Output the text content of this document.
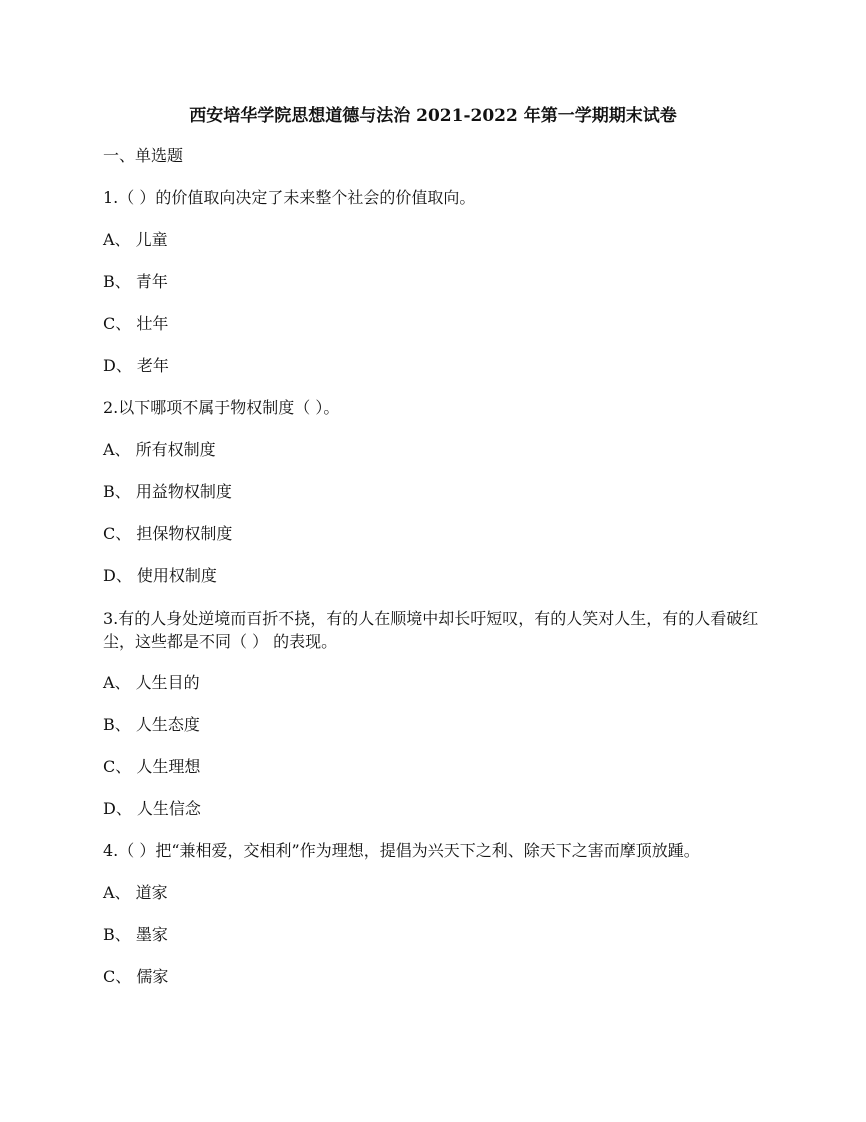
西安培华学院思想道德与法治 2021-2022 年第一学期期末试卷
一、单选题
1.（ ）的价值取向决定了未来整个社会的价值取向。
A、 儿童
B、 青年
C、 壮年
D、 老年
2.以下哪项不属于物权制度（ ）。
A、 所有权制度
B、 用益物权制度
C、 担保物权制度
D、 使用权制度
3.有的人身处逆境而百折不挠，有的人在顺境中却长吁短叹，有的人笑对人生，有的人看破红尘，这些都是不同（ ） 的表现。
A、 人生目的
B、 人生态度
C、 人生理想
D、 人生信念
4.（ ）把“兼相爱，交相利”作为理想，提倡为兴天下之利、除天下之害而摩顶放踵。
A、 道家
B、 墨家
C、 儒家
